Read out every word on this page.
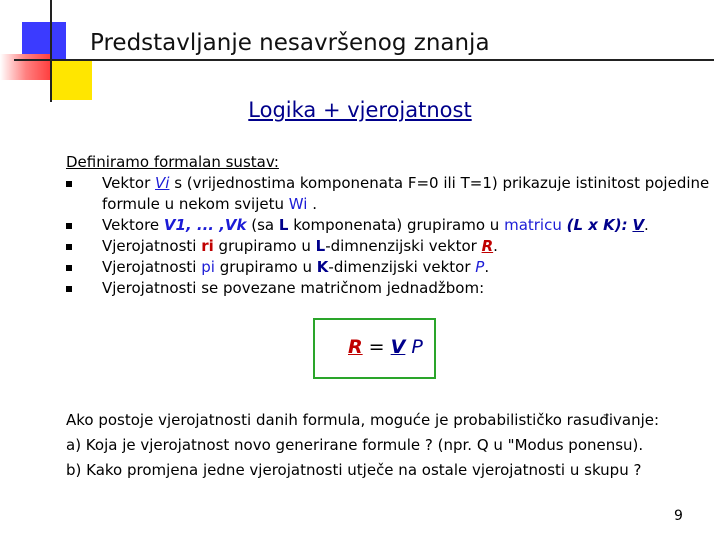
Predstavljanje nesavršenog znanja
Logika + vjerojatnost
Definiramo formalan sustav:
Vektor Vi s (vrijednostima komponenata F=0 ili T=1) prikazuje istinitost pojedine formule u nekom svijetu Wi .
Vektore V1, ... ,Vk (sa L komponenata) grupiramo u matricu (L x K): V.
Vjerojatnosti ri grupiramo u L-dimnenzijski vektor R.
Vjerojatnosti pi grupiramo u K-dimenzijski vektor P.
Vjerojatnosti se povezane matričnom jednadžbom:
R = V P
Ako postoje vjerojatnosti danih formula, moguće je probabilističko rasuđivanje:
a) Koja je vjerojatnost novo generirane formule ? (npr. Q u "Modus ponensu).
b) Kako promjena jedne vjerojatnosti utječe na ostale vjerojatnosti u skupu ?
9
